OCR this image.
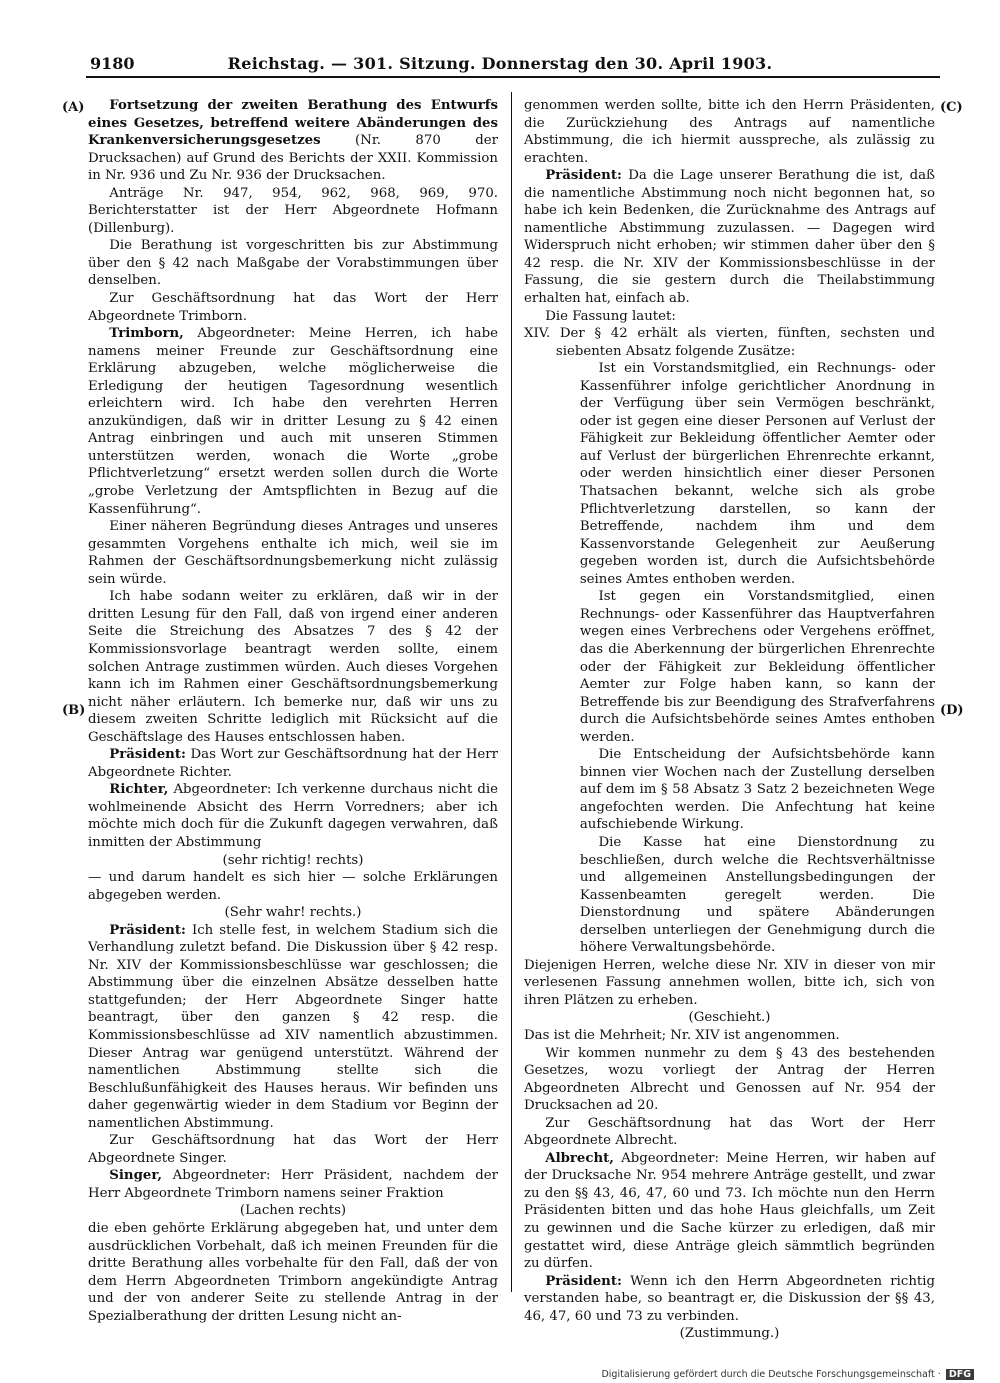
9180	Reichstag. — 301. Sitzung. Donnerstag den 30. April 1903.
(A)
(B)
(C)
(D)

Fortsetzung der zweiten Berathung des Entwurfs eines Gesetzes, betreffend weitere Abänderungen des Krankenversicherungsgesetzes (Nr. 870 der Drucksachen) auf Grund des Berichts der XXII. Kommission in Nr. 936 und Zu Nr. 936 der Drucksachen.

Anträge Nr. 947, 954, 962, 968, 969, 970. Berichterstatter ist der Herr Abgeordnete Hofmann (Dillenburg).

Die Berathung ist vorgeschritten bis zur Abstimmung über den § 42 nach Maßgabe der Vorabstimmungen über denselben.

Zur Geschäftsordnung hat das Wort der Herr Abgeordnete Trimborn.

Trimborn, Abgeordneter: Meine Herren, ich habe namens meiner Freunde zur Geschäftsordnung eine Erklärung abzugeben, welche möglicherweise die Erledigung der heutigen Tagesordnung wesentlich erleichtern wird. Ich habe den verehrten Herren anzukündigen, daß wir in dritter Lesung zu § 42 einen Antrag einbringen und auch mit unseren Stimmen unterstützen werden, wonach die Worte „grobe Pflichtverletzung“ ersetzt werden sollen durch die Worte „grobe Verletzung der Amtspflichten in Bezug auf die Kassenführung“.

Einer näheren Begründung dieses Antrages und unseres gesammten Vorgehens enthalte ich mich, weil sie im Rahmen der Geschäftsordnungsbemerkung nicht zulässig sein würde.

Ich habe sodann weiter zu erklären, daß wir in der dritten Lesung für den Fall, daß von irgend einer anderen Seite die Streichung des Absatzes 7 des § 42 der Kommissionsvorlage beantragt werden sollte, einem solchen Antrage zustimmen würden. Auch dieses Vorgehen kann ich im Rahmen einer Geschäftsordnungsbemerkung nicht näher erläutern. Ich bemerke nur, daß wir uns zu diesem zweiten Schritte lediglich mit Rücksicht auf die Geschäftslage des Hauses entschlossen haben.

Präsident: Das Wort zur Geschäftsordnung hat der Herr Abgeordnete Richter.

Richter, Abgeordneter: Ich verkenne durchaus nicht die wohlmeinende Absicht des Herrn Vorredners; aber ich möchte mich doch für die Zukunft dagegen verwahren, daß inmitten der Abstimmung

(sehr richtig! rechts)

— und darum handelt es sich hier — solche Erklärungen abgegeben werden.

(Sehr wahr! rechts.)

Präsident: Ich stelle fest, in welchem Stadium sich die Verhandlung zuletzt befand. Die Diskussion über § 42 resp. Nr. XIV der Kommissionsbeschlüsse war geschlossen; die Abstimmung über die einzelnen Absätze desselben hatte stattgefunden; der Herr Abgeordnete Singer hatte beantragt, über den ganzen § 42 resp. die Kommissionsbeschlüsse ad XIV namentlich abzustimmen. Dieser Antrag war genügend unterstützt. Während der namentlichen Abstimmung stellte sich die Beschlußunfähigkeit des Hauses heraus. Wir befinden uns daher gegenwärtig wieder in dem Stadium vor Beginn der namentlichen Abstimmung.

Zur Geschäftsordnung hat das Wort der Herr Abgeordnete Singer.

Singer, Abgeordneter: Herr Präsident, nachdem der Herr Abgeordnete Trimborn namens seiner Fraktion

(Lachen rechts)

die eben gehörte Erklärung abgegeben hat, und unter dem ausdrücklichen Vorbehalt, daß ich meinen Freunden für die dritte Berathung alles vorbehalte für den Fall, daß der von dem Herrn Abgeordneten Trimborn angekündigte Antrag und der von anderer Seite zu stellende Antrag in der Spezialberathung der dritten Lesung nicht an-

genommen werden sollte, bitte ich den Herrn Präsidenten, die Zurückziehung des Antrags auf namentliche Abstimmung, die ich hiermit ausspreche, als zulässig zu erachten.

Präsident: Da die Lage unserer Berathung die ist, daß die namentliche Abstimmung noch nicht begonnen hat, so habe ich kein Bedenken, die Zurücknahme des Antrags auf namentliche Abstimmung zuzulassen. — Dagegen wird Widerspruch nicht erhoben; wir stimmen daher über den § 42 resp. die Nr. XIV der Kommissionsbeschlüsse in der Fassung, die sie gestern durch die Theilabstimmung erhalten hat, einfach ab.

Die Fassung lautet:

XIV. Der § 42 erhält als vierten, fünften, sechsten und siebenten Absatz folgende Zusätze:

Ist ein Vorstandsmitglied, ein Rechnungs- oder Kassenführer infolge gerichtlicher Anordnung in der Verfügung über sein Vermögen beschränkt, oder ist gegen eine dieser Personen auf Verlust der Fähigkeit zur Bekleidung öffentlicher Aemter oder auf Verlust der bürgerlichen Ehrenrechte erkannt, oder werden hinsichtlich einer dieser Personen Thatsachen bekannt, welche sich als grobe Pflichtverletzung darstellen, so kann der Betreffende, nachdem ihm und dem Kassenvorstande Gelegenheit zur Aeußerung gegeben worden ist, durch die Aufsichtsbehörde seines Amtes enthoben werden.

Ist gegen ein Vorstandsmitglied, einen Rechnungs- oder Kassenführer das Hauptverfahren wegen eines Verbrechens oder Vergehens eröffnet, das die Aberkennung der bürgerlichen Ehrenrechte oder der Fähigkeit zur Bekleidung öffentlicher Aemter zur Folge haben kann, so kann der Betreffende bis zur Beendigung des Strafverfahrens durch die Aufsichtsbehörde seines Amtes enthoben werden.

Die Entscheidung der Aufsichtsbehörde kann binnen vier Wochen nach der Zustellung derselben auf dem im § 58 Absatz 3 Satz 2 bezeichneten Wege angefochten werden. Die Anfechtung hat keine aufschiebende Wirkung.

Die Kasse hat eine Dienstordnung zu beschließen, durch welche die Rechtsverhältnisse und allgemeinen Anstellungsbedingungen der Kassenbeamten geregelt werden. Die Dienstordnung und spätere Abänderungen derselben unterliegen der Genehmigung durch die höhere Verwaltungsbehörde.

Diejenigen Herren, welche diese Nr. XIV in dieser von mir verlesenen Fassung annehmen wollen, bitte ich, sich von ihren Plätzen zu erheben.

(Geschieht.)

Das ist die Mehrheit; Nr. XIV ist angenommen.

Wir kommen nunmehr zu dem § 43 des bestehenden Gesetzes, wozu vorliegt der Antrag der Herren Abgeordneten Albrecht und Genossen auf Nr. 954 der Drucksachen ad 20.

Zur Geschäftsordnung hat das Wort der Herr Abgeordnete Albrecht.

Albrecht, Abgeordneter: Meine Herren, wir haben auf der Drucksache Nr. 954 mehrere Anträge gestellt, und zwar zu den §§ 43, 46, 47, 60 und 73. Ich möchte nun den Herrn Präsidenten bitten und das hohe Haus gleichfalls, um Zeit zu gewinnen und die Sache kürzer zu erledigen, daß mir gestattet wird, diese Anträge gleich sämmtlich begründen zu dürfen.

Präsident: Wenn ich den Herrn Abgeordneten richtig verstanden habe, so beantragt er, die Diskussion der §§ 43, 46, 47, 60 und 73 zu verbinden.

(Zustimmung.)

Digitalisierung gefördert durch die Deutsche Forschungsgemeinschaft · DFG
